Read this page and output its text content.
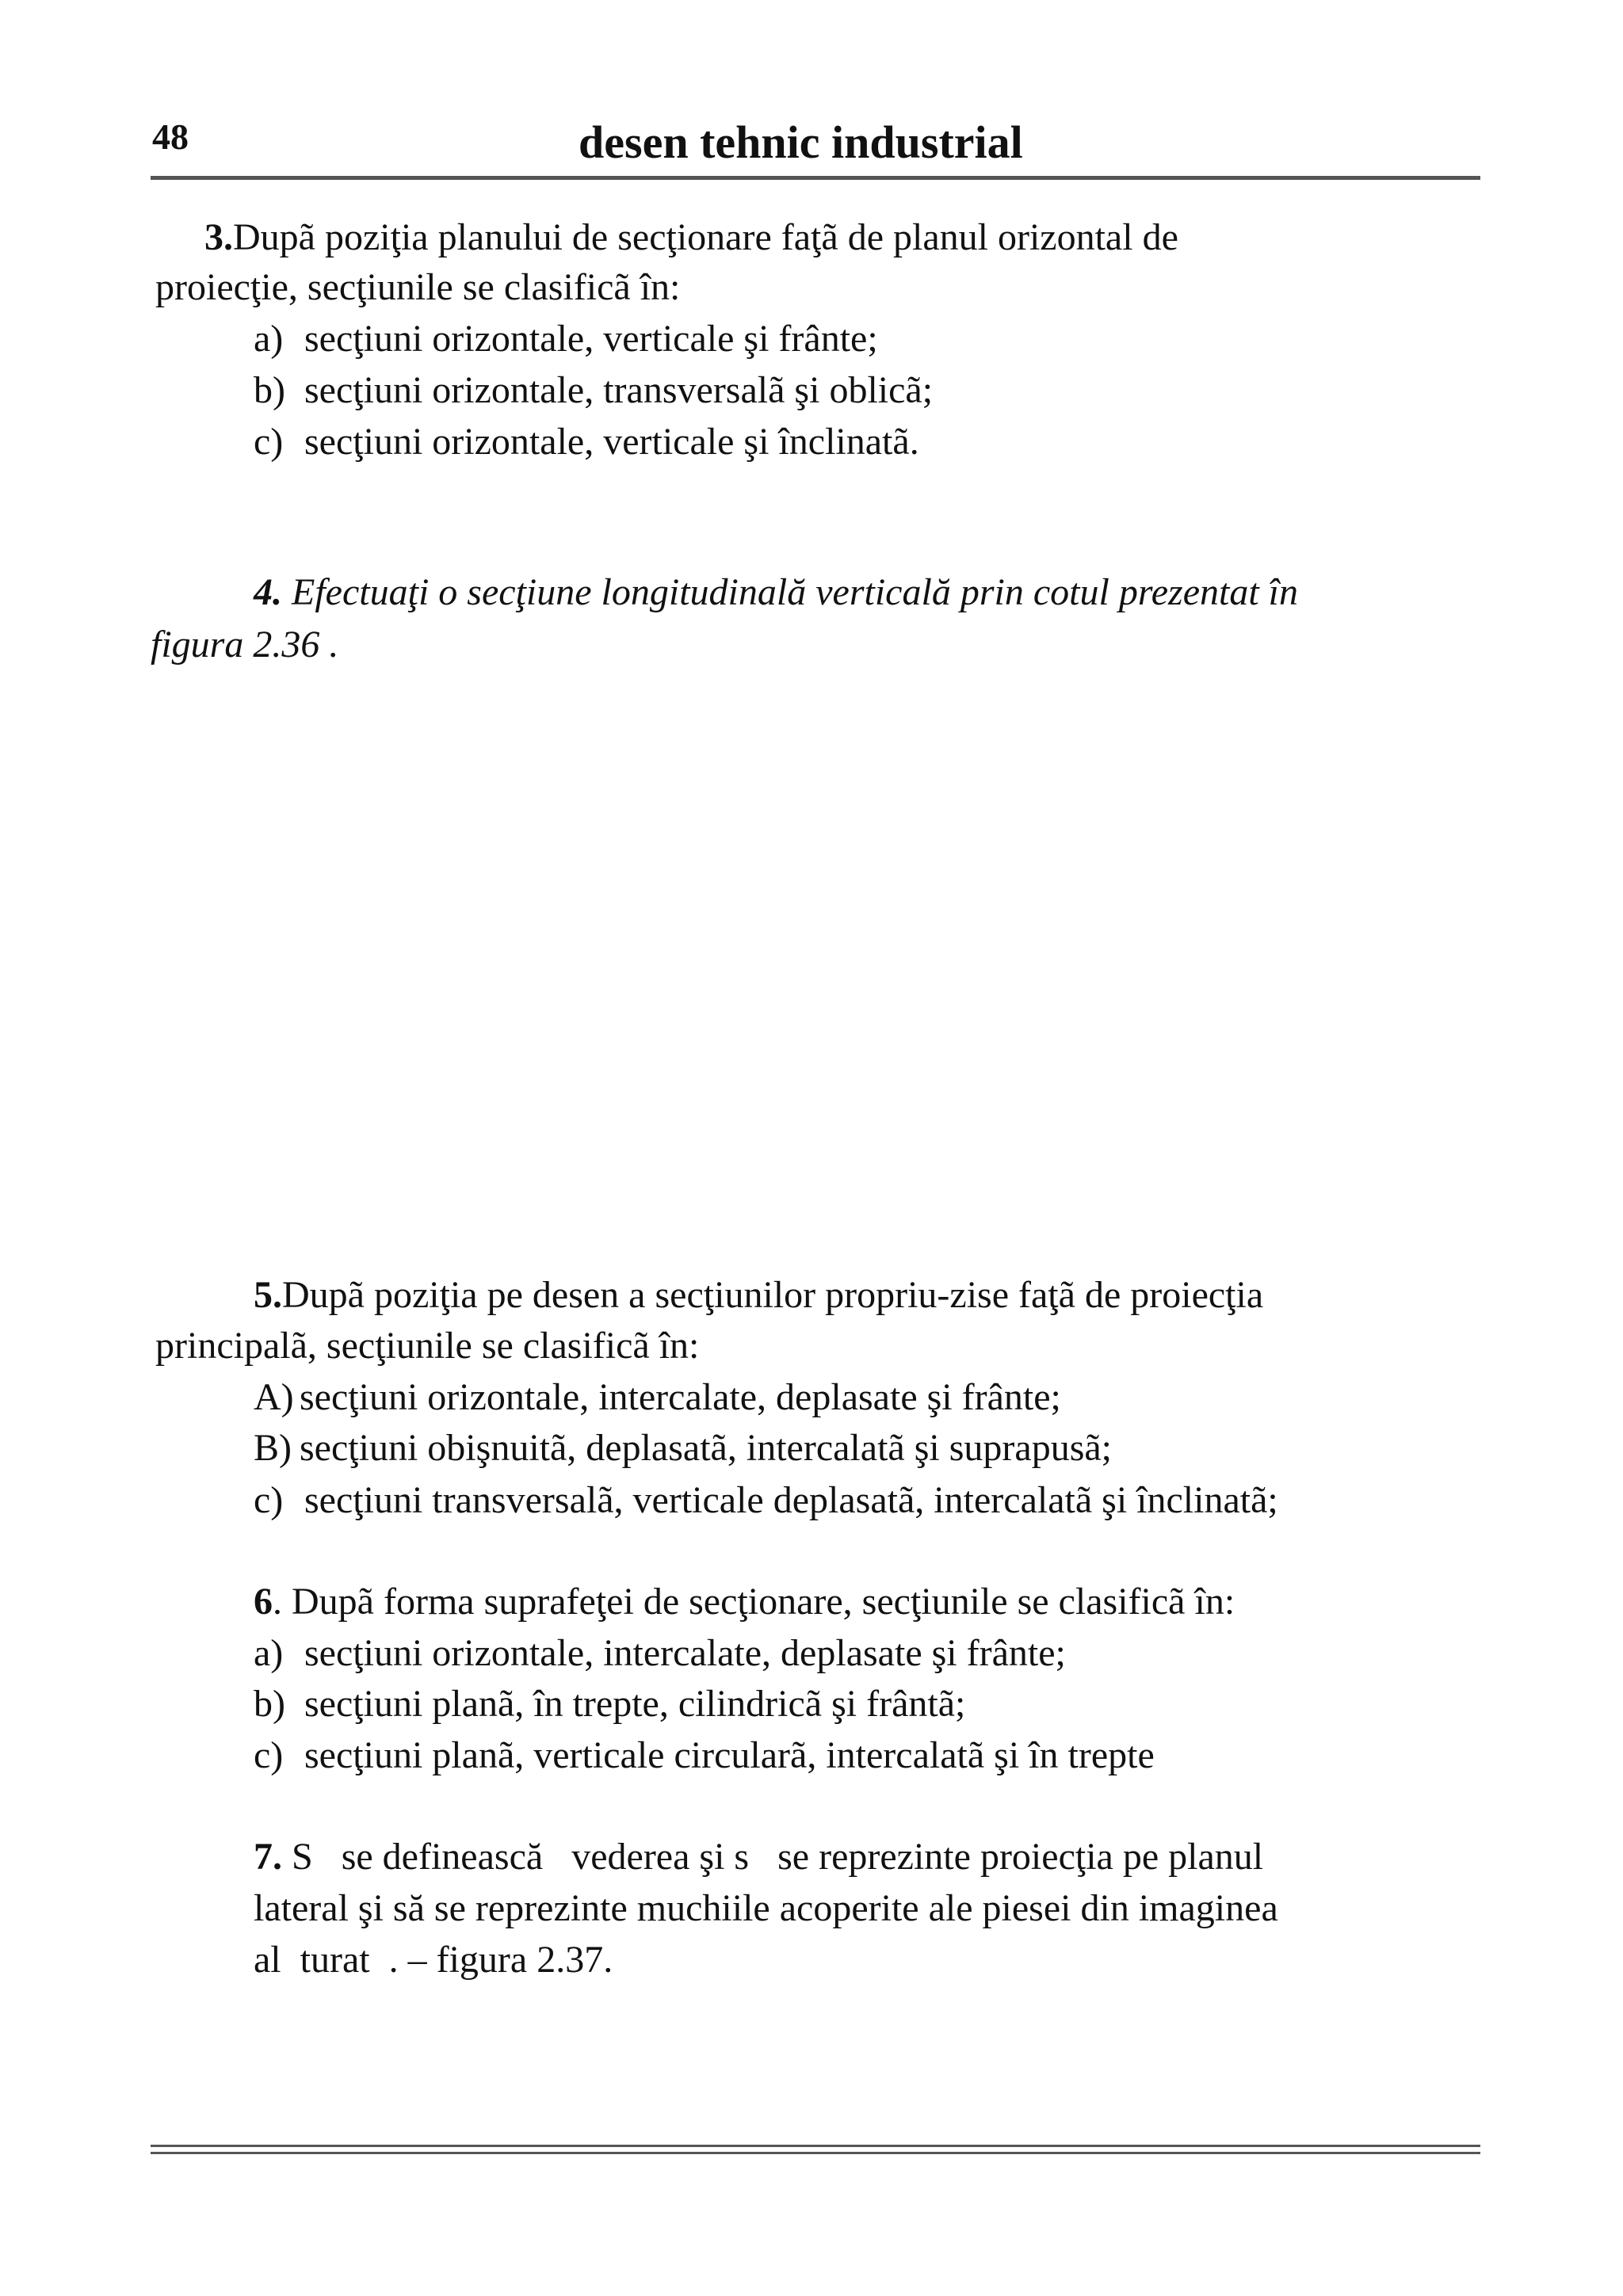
48	desen tehnic industrial
3.Dupã poziţia planului de secţionare faţã de planul orizontal de
proiecţie, secţiunile se clasificã în:
a) secţiuni orizontale, verticale şi frânte;
b) secţiuni orizontale, transversalã şi oblicã;
c) secţiuni orizontale, verticale şi înclinatã.
4. Efectuaţi o secţiune longitudinală verticală prin cotul prezentat în
figura 2.36 .
5.Dupã poziţia pe desen a secţiunilor propriu-zise faţã de proiecţia
principalã, secţiunile se clasificã în:
A) secţiuni orizontale, intercalate, deplasate şi frânte;
B) secţiuni obişnuitã, deplasatã, intercalatã şi suprapusã;
c) secţiuni transversalã, verticale deplasatã, intercalatã şi înclinatã;
6. Dupã forma suprafeţei de secţionare, secţiunile se clasificã în:
a) secţiuni orizontale, intercalate, deplasate şi frânte;
b) secţiuni planã, în trepte, cilindricã şi frântã;
c) secţiuni planã, verticale circularã, intercalatã şi în trepte
7. S   se definească   vederea şi s   se reprezinte proiecţia pe planul
lateral şi să se reprezinte muchiile acoperite ale piesei din imaginea
al  turat  . – figura 2.37.
